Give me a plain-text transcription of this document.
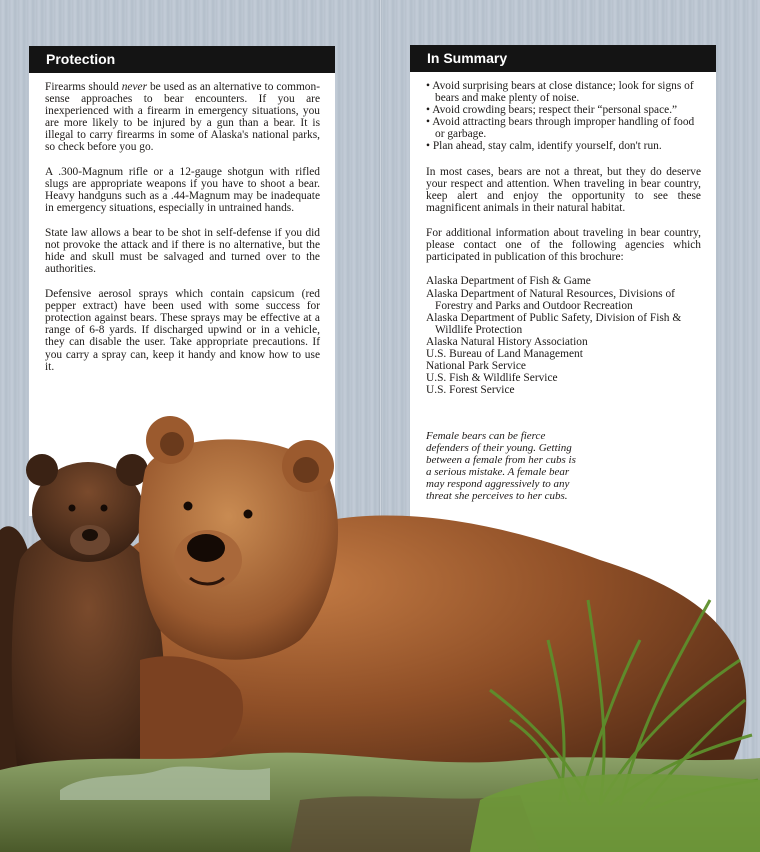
Protection

Firearms should never be used as an alternative to common-sense approaches to bear encounters. If you are inexperienced with a firearm in emergency situations, you are more likely to be injured by a gun than a bear. It is illegal to carry firearms in some of Alaska's national parks, so check before you go.

A .300-Magnum rifle or a 12-gauge shotgun with rifled slugs are appropriate weapons if you have to shoot a bear. Heavy handguns such as a .44-Magnum may be inadequate in emergency situations, especially in untrained hands.

State law allows a bear to be shot in self-defense if you did not provoke the attack and if there is no alternative, but the hide and skull must be salvaged and turned over to the authorities.

Defensive aerosol sprays which contain capsicum (red pepper extract) have been used with some success for protection against bears. These sprays may be effective at a range of 6-8 yards. If discharged upwind or in a vehicle, they can disable the user. Take appropriate precautions. If you carry a spray can, keep it handy and know how to use it.

In Summary
• Avoid surprising bears at close distance; look for signs of bears and make plenty of noise.
• Avoid crowding bears; respect their “personal space.”
• Avoid attracting bears through improper handling of food or garbage.
• Plan ahead, stay calm, identify yourself, don't run.

In most cases, bears are not a threat, but they do deserve your respect and attention. When traveling in bear country, keep alert and enjoy the opportunity to see these magnificent animals in their natural habitat.

For additional information about traveling in bear country, please contact one of the following agencies which participated in publication of this brochure:

Alaska Department of Fish & Game
Alaska Department of Natural Resources, Divisions of
Forestry and Parks and Outdoor Recreation
Alaska Department of Public Safety, Division of Fish &
Wildlife Protection
Alaska Natural History Association
U.S. Bureau of Land Management
National Park Service
U.S. Fish & Wildlife Service
U.S. Forest Service
Female bears can be fierce defenders of their young. Getting between a female from her cubs is a serious mistake. A female bear may respond aggressively to any threat she perceives to her cubs.
